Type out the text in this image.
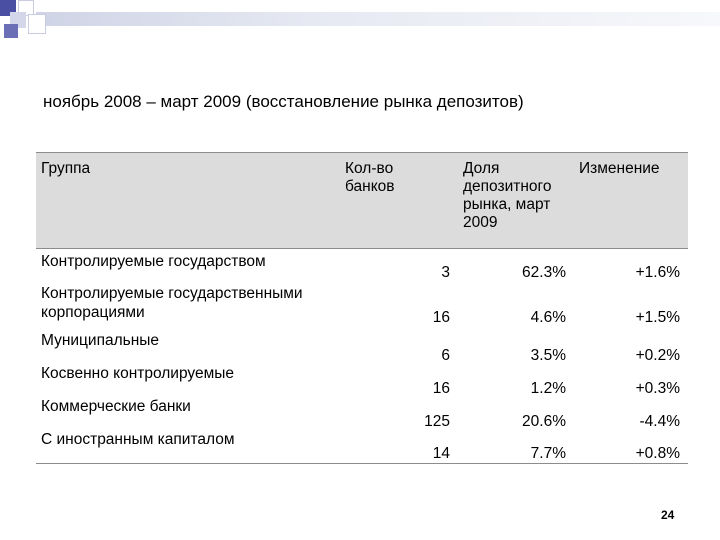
ноябрь 2008 – март 2009 (восстановление рынка депозитов)
Группа	Кол-во банков	Доля депозитного рынка, март 2009	Изменение
Контролируемые государством	3	62.3%	+1.6%

Контролируемые государственными корпорациями	16	4.6%	+1.5%
Муниципальные	6	3.5%	+0.2%
Косвенно контролируемые	16	1.2%	+0.3%
Коммерческие банки	125	20.6%	-4.4%
С иностранным капиталом	14	7.7%	+0.8%
24
